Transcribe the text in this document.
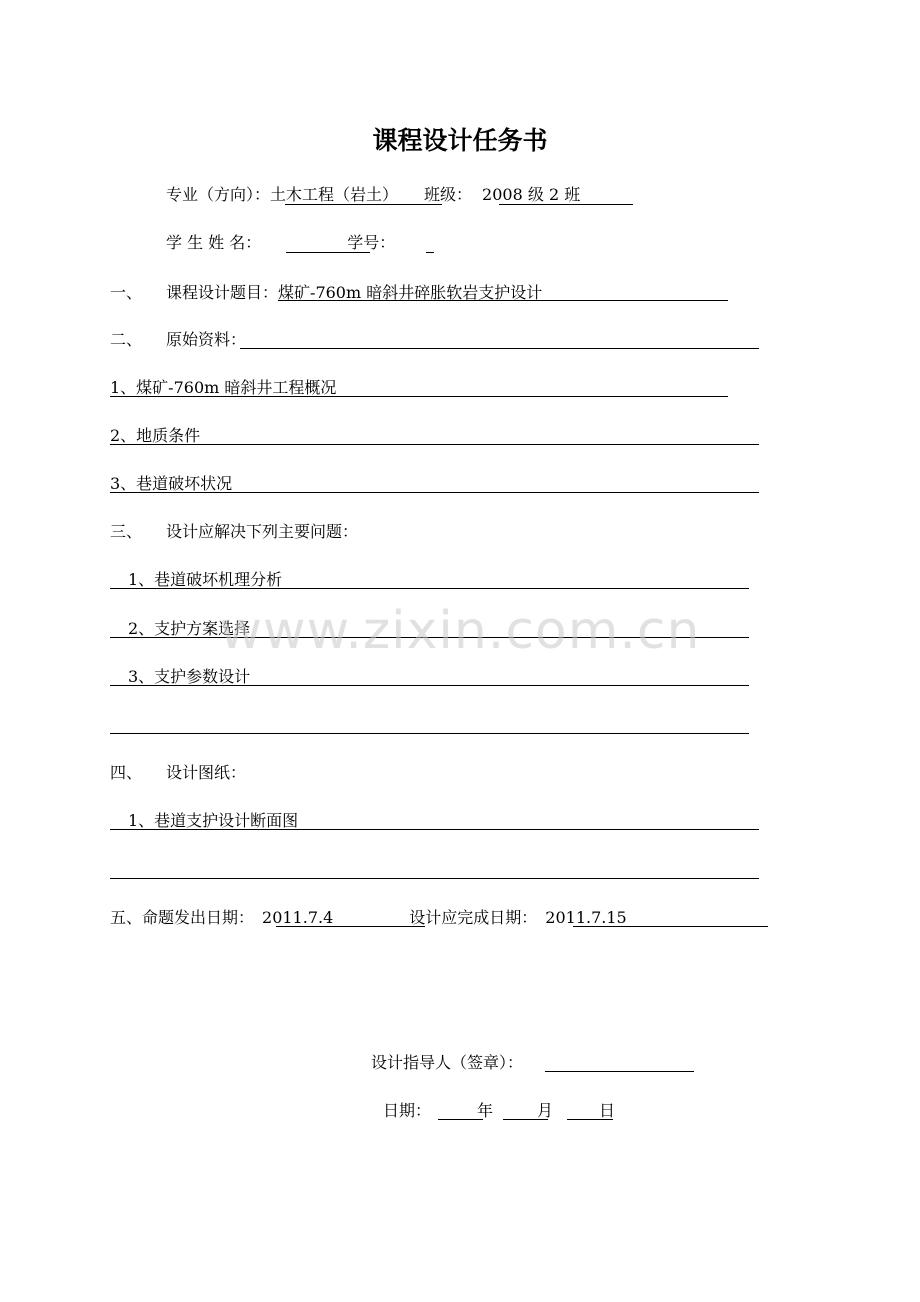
课程设计任务书
专业（方向）：土木工程（岩土） 班级： 2008 级 2 班
学 生 姓 名：	学号：
一、 课程设计题目：煤矿-760m 暗斜井碎胀软岩支护设计
二、 原始资料：
1、煤矿-760m 暗斜井工程概况
2、地质条件
3、巷道破坏状况
三、 设计应解决下列主要问题：
1、巷道破坏机理分析
2、支护方案选择
3、支护参数设计
四、 设计图纸：
1、巷道支护设计断面图
五、命题发出日期： 2011.7.4	设计应完成日期： 2011.7.15
设计指导人（签章）：
日期：	年	月	日
www.zixin.com.cn
